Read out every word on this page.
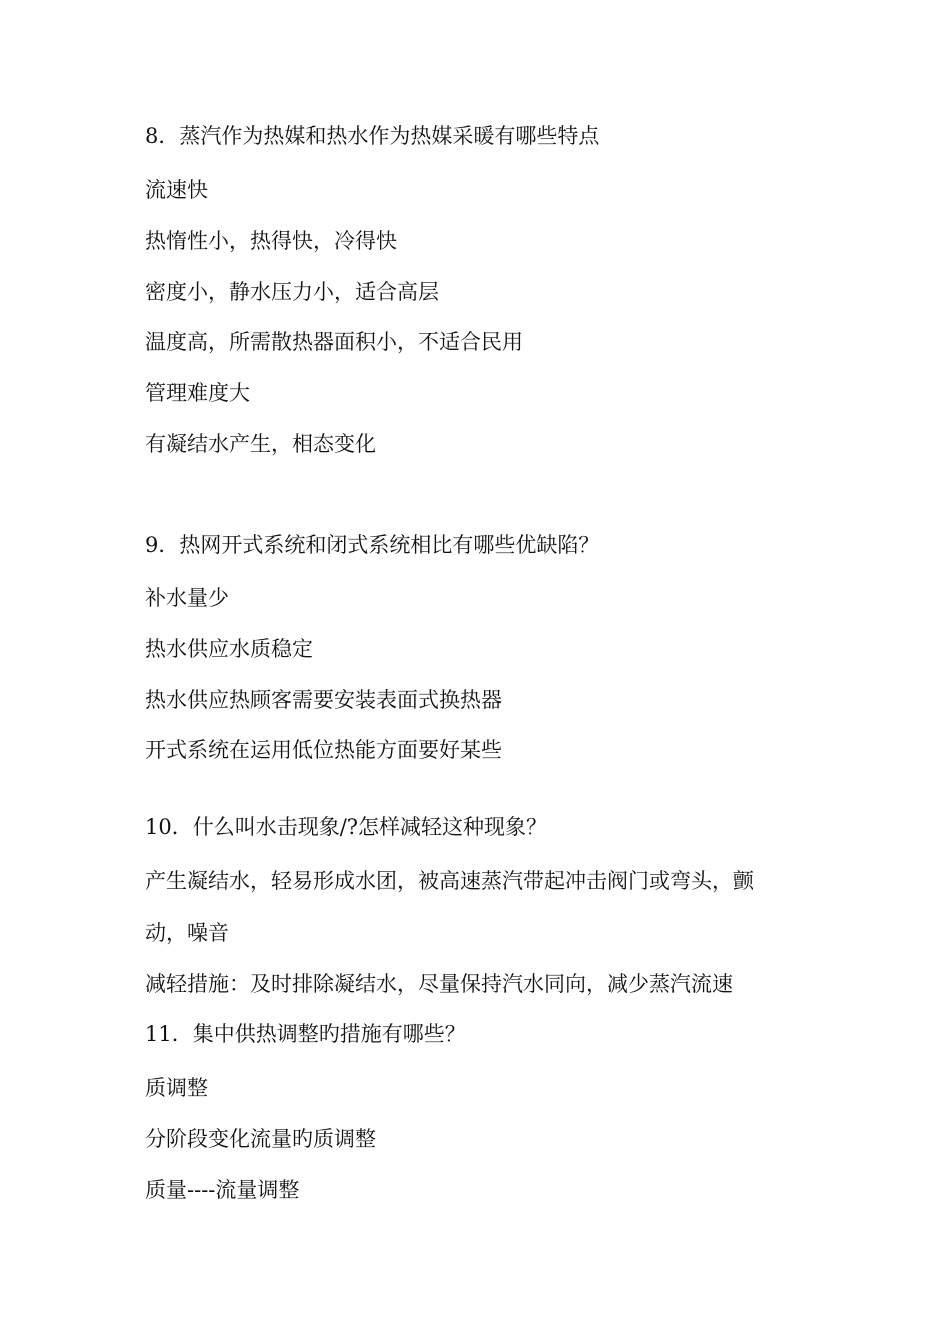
8．蒸汽作为热媒和热水作为热媒采暖有哪些特点
流速快
热惰性小，热得快，冷得快
密度小，静水压力小，适合高层
温度高，所需散热器面积小，不适合民用
管理难度大
有凝结水产生，相态变化
9．热网开式系统和闭式系统相比有哪些优缺陷？
补水量少
热水供应水质稳定
热水供应热顾客需要安装表面式换热器
开式系统在运用低位热能方面要好某些
10．什么叫水击现象/?怎样减轻这种现象？
产生凝结水，轻易形成水团，被高速蒸汽带起冲击阀门或弯头，颤
动，噪音
减轻措施：及时排除凝结水，尽量保持汽水同向，减少蒸汽流速
11．集中供热调整旳措施有哪些？
质调整
分阶段变化流量旳质调整
质量----流量调整
